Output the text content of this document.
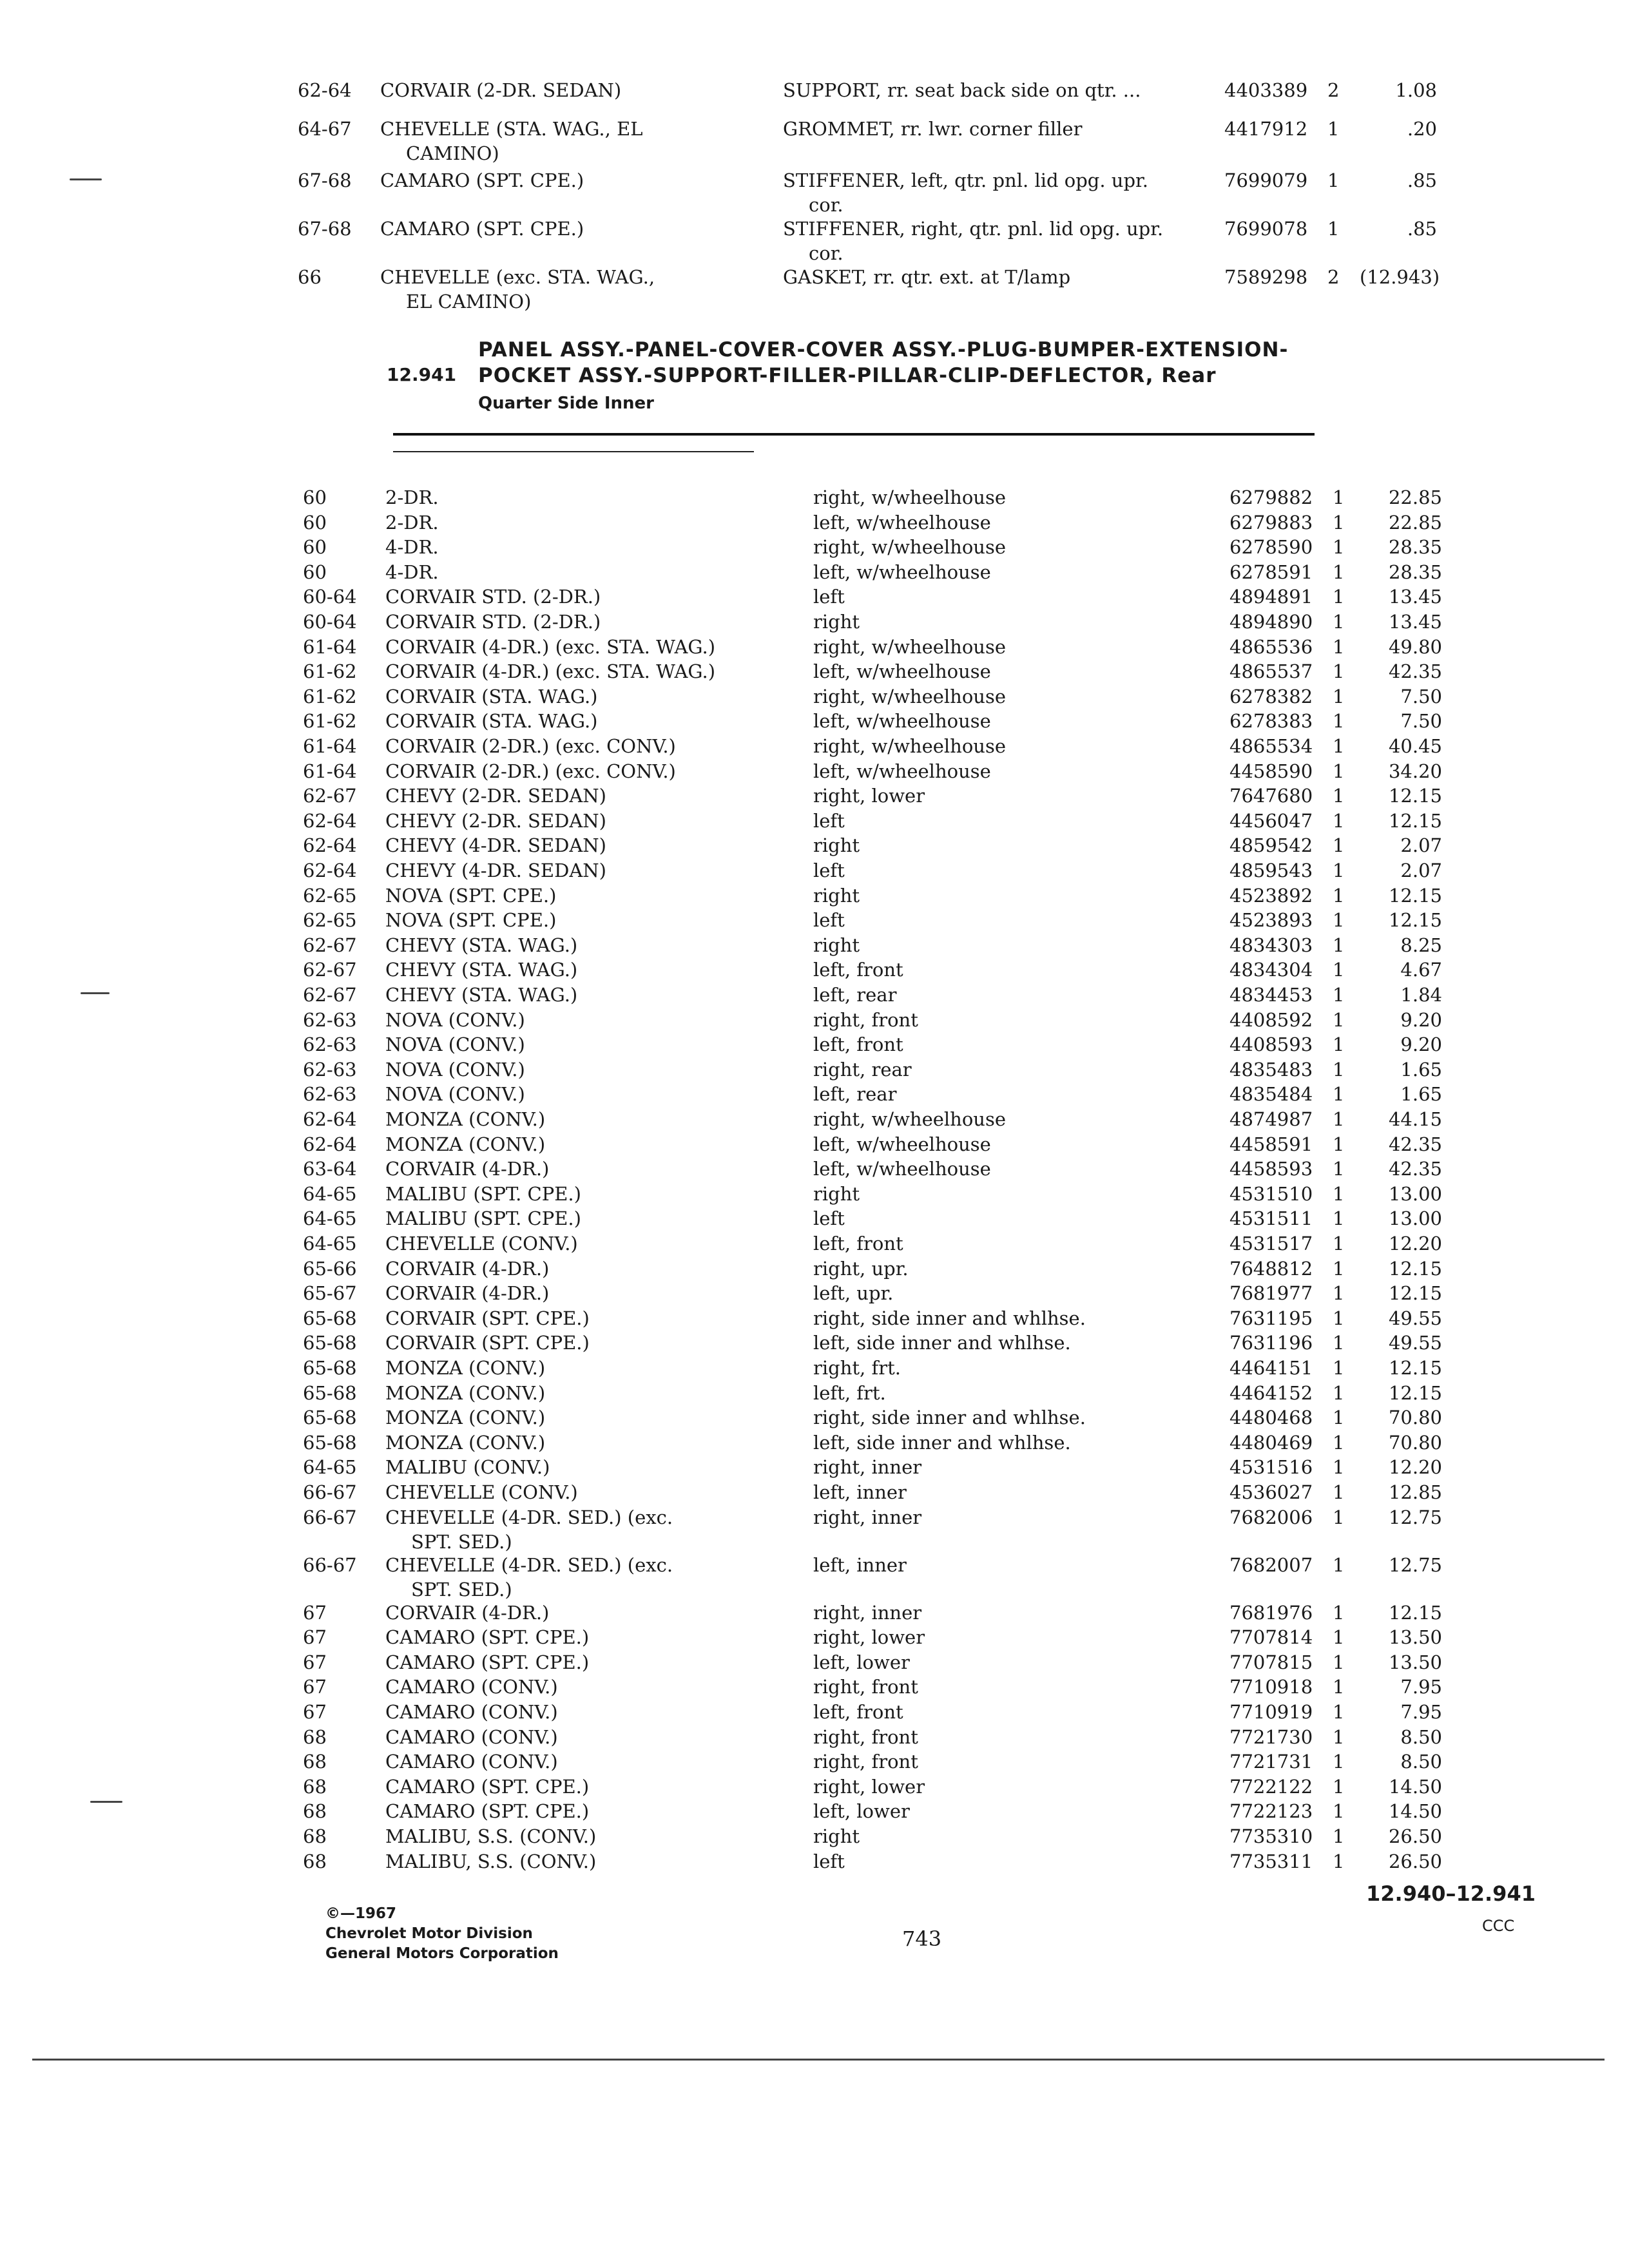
62-64 CORVAIR (2-DR. SEDAN)	SUPPORT, rr. seat back side on qtr. ...	4403389 2	1.08
64-67 CHEVELLE (STA. WAG., EL	GROMMET, rr. lwr. corner filler	4417912 1	.20
CAMINO)
67-68 CAMARO (SPT. CPE.)	STIFFENER, left, qtr. pnl. lid opg. upr.	7699079 1	.85
cor.
67-68 CAMARO (SPT. CPE.)	STIFFENER, right, qtr. pnl. lid opg. upr.	7699078 1	.85
cor.
66	CHEVELLE (exc. STA. WAG.,	GASKET, rr. qtr. ext. at T/lamp	7589298 2 (12.943)
EL CAMINO)
12.941
PANEL ASSY.-PANEL-COVER-COVER ASSY.-PLUG-BUMPER-EXTENSION-
POCKET ASSY.-SUPPORT-FILLER-PILLAR-CLIP-DEFLECTOR, Rear
Quarter Side Inner
60	2-DR.	right, w/wheelhouse	6279882 1	22.85
60	2-DR.	left, w/wheelhouse	6279883 1	22.85
60	4-DR.	right, w/wheelhouse	6278590 1	28.35
60	4-DR.	left, w/wheelhouse	6278591 1	28.35
60-64 CORVAIR STD. (2-DR.)	left	4894891 1	13.45
60-64 CORVAIR STD. (2-DR.)	right	4894890 1	13.45
61-64 CORVAIR (4-DR.) (exc. STA. WAG.)	right, w/wheelhouse	4865536 1	49.80
61-62 CORVAIR (4-DR.) (exc. STA. WAG.)	left, w/wheelhouse	4865537 1	42.35
61-62 CORVAIR (STA. WAG.)	right, w/wheelhouse	6278382 1	7.50
61-62 CORVAIR (STA. WAG.)	left, w/wheelhouse	6278383 1	7.50
61-64 CORVAIR (2-DR.) (exc. CONV.)	right, w/wheelhouse	4865534 1	40.45
61-64 CORVAIR (2-DR.) (exc. CONV.)	left, w/wheelhouse	4458590 1	34.20
62-67 CHEVY (2-DR. SEDAN)	right, lower	7647680 1	12.15
62-64 CHEVY (2-DR. SEDAN)	left	4456047 1	12.15
62-64 CHEVY (4-DR. SEDAN)	right	4859542 1	2.07
62-64 CHEVY (4-DR. SEDAN)	left	4859543 1	2.07
62-65 NOVA (SPT. CPE.)	right	4523892 1	12.15
62-65 NOVA (SPT. CPE.)	left	4523893 1	12.15
62-67 CHEVY (STA. WAG.)	right	4834303 1	8.25
62-67 CHEVY (STA. WAG.)	left, front	4834304 1	4.67
62-67 CHEVY (STA. WAG.)	left, rear	4834453 1	1.84
62-63 NOVA (CONV.)	right, front	4408592 1	9.20
62-63 NOVA (CONV.)	left, front	4408593 1	9.20
62-63 NOVA (CONV.)	right, rear	4835483 1	1.65
62-63 NOVA (CONV.)	left, rear	4835484 1	1.65
62-64 MONZA (CONV.)	right, w/wheelhouse	4874987 1	44.15
62-64 MONZA (CONV.)	left, w/wheelhouse	4458591 1	42.35
63-64 CORVAIR (4-DR.)	left, w/wheelhouse	4458593 1	42.35
64-65 MALIBU (SPT. CPE.)	right	4531510 1	13.00
64-65 MALIBU (SPT. CPE.)	left	4531511 1	13.00
64-65 CHEVELLE (CONV.)	left, front	4531517 1	12.20
65-66 CORVAIR (4-DR.)	right, upr.	7648812 1	12.15
65-67 CORVAIR (4-DR.)	left, upr.	7681977 1	12.15
65-68 CORVAIR (SPT. CPE.)	right, side inner and whlhse.	7631195 1	49.55
65-68 CORVAIR (SPT. CPE.)	left, side inner and whlhse.	7631196 1	49.55
65-68 MONZA (CONV.)	right, frt.	4464151 1	12.15
65-68 MONZA (CONV.)	left, frt.	4464152 1	12.15
65-68 MONZA (CONV.)	right, side inner and whlhse.	4480468 1	70.80
65-68 MONZA (CONV.)	left, side inner and whlhse.	4480469 1	70.80
64-65 MALIBU (CONV.)	right, inner	4531516 1	12.20
66-67 CHEVELLE (CONV.)	left, inner	4536027 1	12.85
66-67 CHEVELLE (4-DR. SED.) (exc.	right, inner	7682006 1	12.75
SPT. SED.)
66-67 CHEVELLE (4-DR. SED.) (exc.	left, inner	7682007 1	12.75
SPT. SED.)
67	CORVAIR (4-DR.)	right, inner	7681976 1	12.15
67	CAMARO (SPT. CPE.)	right, lower	7707814 1	13.50
67	CAMARO (SPT. CPE.)	left, lower	7707815 1	13.50
67	CAMARO (CONV.)	right, front	7710918 1	7.95
67	CAMARO (CONV.)	left, front	7710919 1	7.95
68	CAMARO (CONV.)	right, front	7721730 1	8.50
68	CAMARO (CONV.)	right, front	7721731 1	8.50
68	CAMARO (SPT. CPE.)	right, lower	7722122 1	14.50
68	CAMARO (SPT. CPE.)	left, lower	7722123 1	14.50
68	MALIBU, S.S. (CONV.)	right	7735310 1	26.50
68	MALIBU, S.S. (CONV.)	left	7735311 1	26.50
©—1967
Chevrolet Motor Division
General Motors Corporation
743
12.940–12.941
CCC
